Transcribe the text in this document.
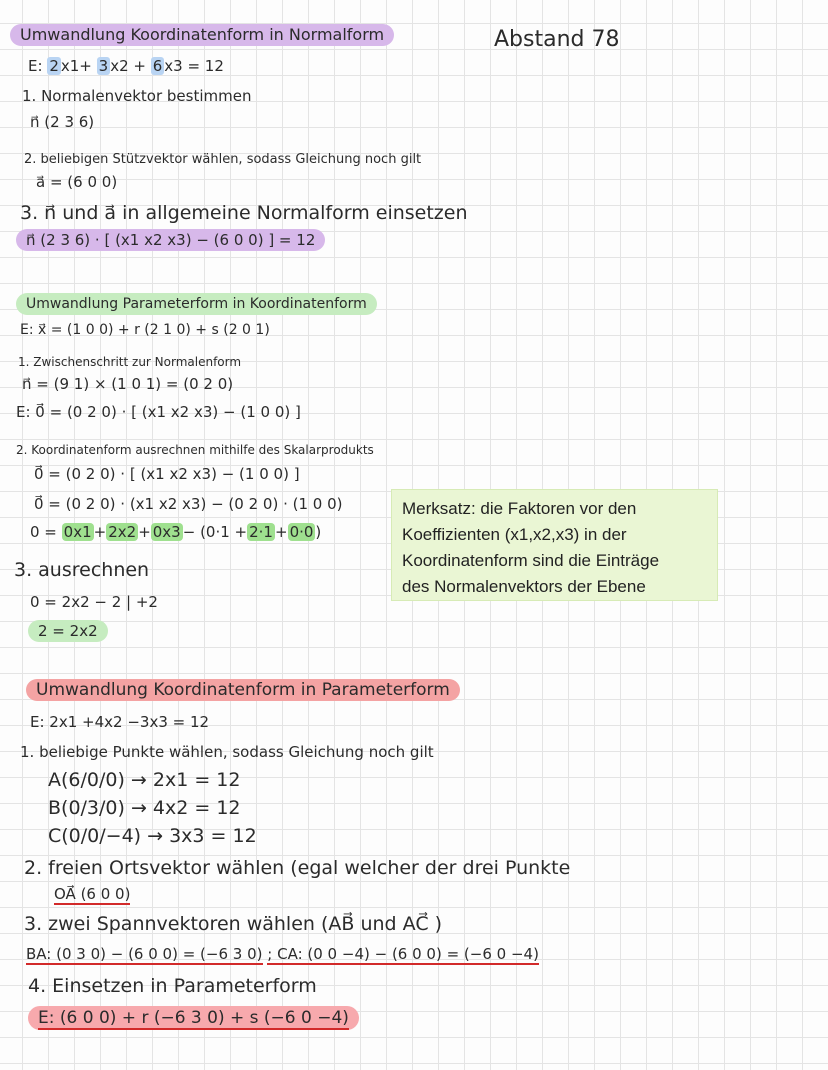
Abstand 78
Umwandlung Koordinatenform in Normalform
E: 2 x1+ 3 x2 + 6 x3 = 12
1. Normalenvektor bestimmen
n⃗ (2 3 6)
2. beliebigen Stützvektor wählen, sodass Gleichung noch gilt
a⃗ = (6 0 0)
3. n⃗ und a⃗ in allgemeine Normalform einsetzen
n⃗ (2 3 6) · [ (x1 x2 x3) − (6 0 0) ] = 12
Umwandlung Parameterform in Koordinatenform
E: x⃗ = (1 0 0) + r (2 1 0) + s (2 0 1)
1. Zwischenschritt zur Normalenform
n⃗ = (9 1) × (1 0 1) = (0 2 0)
E: 0⃗ = (0 2 0) · [ (x1 x2 x3) − (1 0 0) ]
2. Koordinatenform ausrechnen mithilfe des Skalarprodukts
0⃗ = (0 2 0) · [ (x1 x2 x3) − (1 0 0) ]
0⃗ = (0 2 0) · (x1 x2 x3) − (0 2 0) · (1 0 0)
0 = 0x1 + 2x2 + 0x3 − (0·1 + 2·1 + 0·0 )
3. ausrechnen
0 = 2x2 − 2 | +2
2 = 2x2
Merksatz: die Faktoren vor den
Koeffizienten (x1,x2,x3) in der
Koordinatenform sind die Einträge
des Normalenvektors der Ebene
Umwandlung Koordinatenform in Parameterform
E: 2x1 +4x2 −3x3 = 12
1. beliebige Punkte wählen, sodass Gleichung noch gilt
A(6/0/0) → 2x1 = 12
B(0/3/0) → 4x2 = 12
C(0/0/−4) → 3x3 = 12
2. freien Ortsvektor wählen (egal welcher der drei Punkte
OA⃗ (6 0 0)
3. zwei Spannvektoren wählen (AB⃗ und AC⃗ )
BA: (0 3 0) − (6 0 0) = (−6 3 0) ; CA: (0 0 −4) − (6 0 0) = (−6 0 −4)
4. Einsetzen in Parameterform
E: (6 0 0) + r (−6 3 0) + s (−6 0 −4)
